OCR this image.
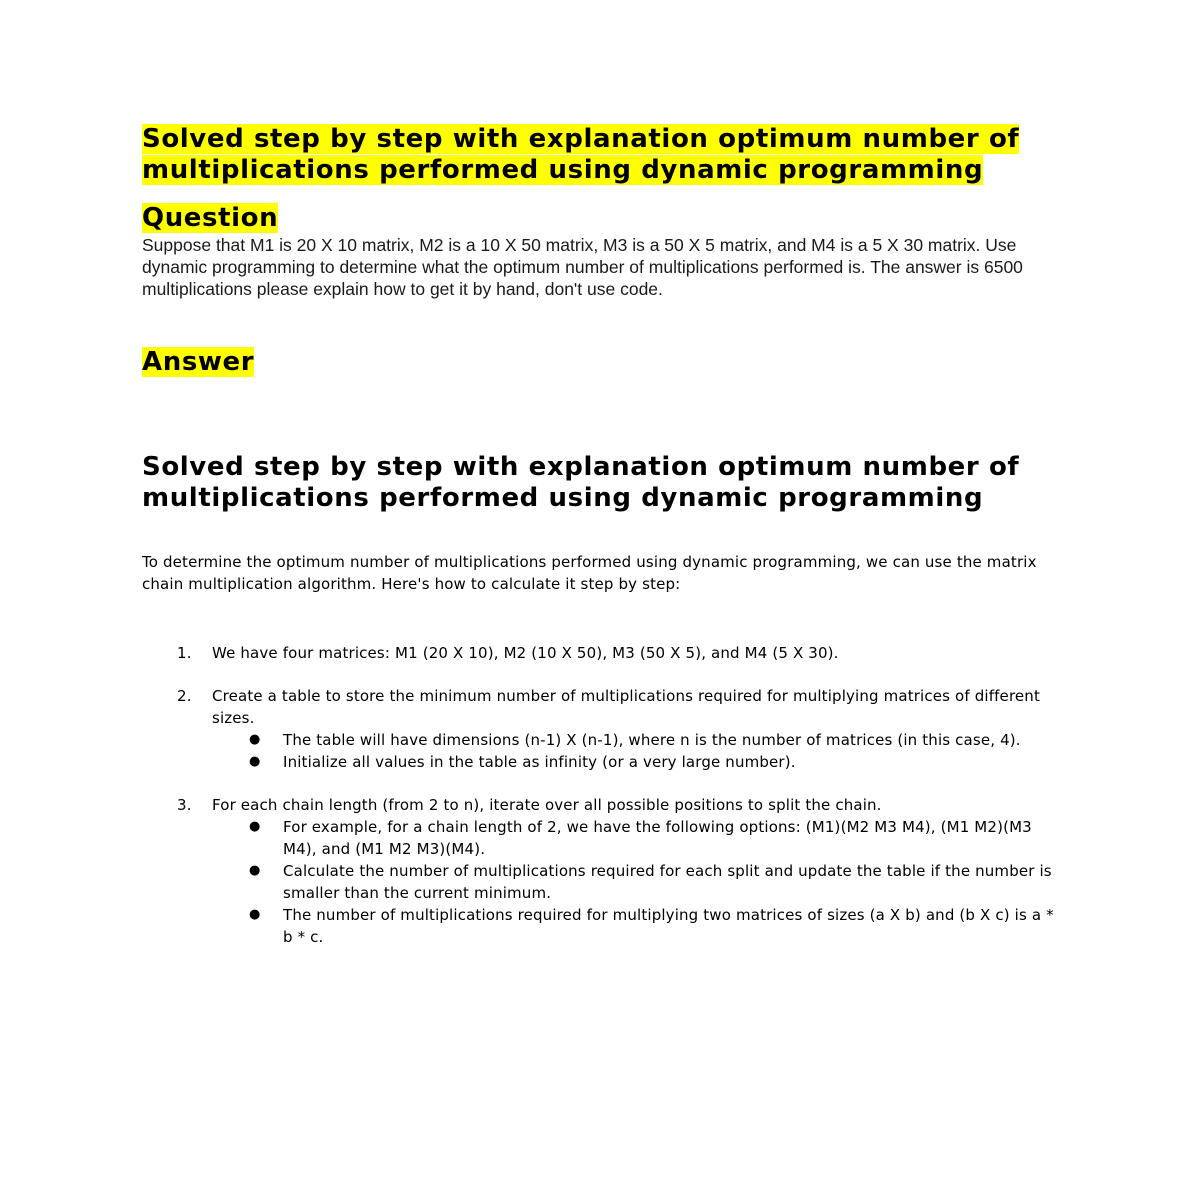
Solved step by step with explanation optimum number of multiplications performed using dynamic programming
Question

Suppose that M1 is 20 X 10 matrix, M2 is a 10 X 50 matrix, M3 is a 50 X 5 matrix, and M4 is a 5 X 30 matrix. Use dynamic programming to determine what the optimum number of multiplications performed is. The answer is 6500 multiplications please explain how to get it by hand, don't use code.

Answer
Solved step by step with explanation optimum number of multiplications performed using dynamic programming

To determine the optimum number of multiplications performed using dynamic programming, we can use the matrix chain multiplication algorithm. Here's how to calculate it step by step:

1. We have four matrices: M1 (20 X 10), M2 (10 X 50), M3 (50 X 5), and M4 (5 X 30).
2. Create a table to store the minimum number of multiplications required for multiplying matrices of different sizes.
● The table will have dimensions (n-1) X (n-1), where n is the number of matrices (in this case, 4).
● Initialize all values in the table as infinity (or a very large number).
3. For each chain length (from 2 to n), iterate over all possible positions to split the chain.
● For example, for a chain length of 2, we have the following options: (M1)(M2 M3 M4), (M1 M2)(M3 M4), and (M1 M2 M3)(M4).
● Calculate the number of multiplications required for each split and update the table if the number is smaller than the current minimum.
● The number of multiplications required for multiplying two matrices of sizes (a X b) and (b X c) is a * b * c.
